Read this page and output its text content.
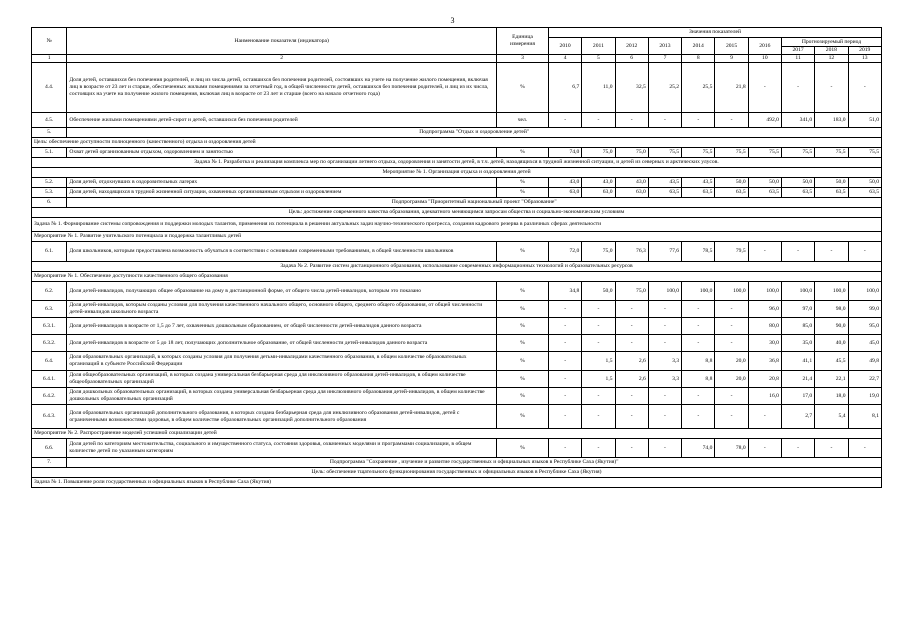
3
№	Наименование показателя (индикатора)	Единица измерения	Значения показателей									
			2010	2011	2012	2013	2014	2015	2016	Прогнозируемый период		
										2017	2018	2019
1	2	3	4	5	6	7	8	9	10	11	12	13
4.4.	Доля детей, оставшихся без попечения родителей, и лиц из числа детей, оставшихся без попечения родителей, состоявших на учете на получение жилого помещения, включая лиц в возрасте от 23 лет и старше, обеспеченных жилыми помещениями за отчетный год, в общей численности детей, оставшихся без попечения родителей, и лиц из их числа, состоящих на учете на получение жилого помещения, включая лиц в возрасте от 23 лет и старше (всего на начало отчетного года)	%	6,7	11,0	32,5	25,2	25,5	21,8	-	-	-	-
4.5.	Обеспечение жилыми помещениями детей-сирот и детей, оставшихся без попечения родителей	чел.	-	-	-	-	-	-	492,0	341,0	183,0	51,0
5.	Подпрограмма "Отдых и оздоровление детей"											
Цель: обеспечение доступности полноценного (качественного) отдыха и оздоровления детей												
5.1.	Охват детей организованным отдыхом, оздоровлением и занятостью	%	74,0	75,0	75,0	75,5	75,5	75,5	75,5	75,5	75,5	75,5
Задача № 1. Разработка и реализация комплекса мер по организации летнего отдыха, оздоровления и занятости детей, в т.ч. детей, находящихся в трудной жизненной ситуации, и детей из северных и арктических улусов.												
Мероприятие № 1. Организация отдыха и оздоровления детей												
5.2.	Доля детей, отдохнувших в оздоровительных лагерях	%	43,0	43,0	43,0	43,5	43,5	50,0	50,0	50,0	50,0	50,0
5.3.	Доля детей, находящихся в трудной жизненной ситуации, охваченных организованным отдыхом и оздоровлением	%	63,0	63,0	63,0	63,5	63,5	63,5	63,5	63,5	63,5	63,5
6.	Подпрограмма "Приоритетный национальный проект "Образование"											
Цель: достижение современного качества образования, адекватного меняющимся запросам общества и социально-экономическим условиям												
Задача № 1. Формирование системы сопровождения и поддержки молодых талантов, применения их потенциала в решении актуальных задач научно-технического прогресса, создания кадрового резерва в различных сферах деятельности												
Мероприятие № 1. Развитие учительского потенциала и поддержка талантливых детей												
6.1.	Доля школьников, которым предоставлена возможность обучаться в соответствии с основными современными требованиями, в общей численности школьников	%	72,0	75,0	76,3	77,6	78,5	79,5	-	-	-	-
Задача № 2. Развитие систем дистанционного образования, использование современных информационных технологий и образовательных ресурсов												
Мероприятие № 1. Обеспечение доступности качественного общего образования												
6.2.	Доля детей-инвалидов, получающих общее образование на дому в дистанционной форме, от общего числа детей-инвалидов, которым это показано	%	34,8	50,0	75,0	100,0	100,0	100,0	100,0	100,0	100,0	100,0
6.3.	Доля детей-инвалидов, которым созданы условия для получения качественного начального общего, основного общего, среднего общего образования, от общей численности детей-инвалидов школьного возраста	%	-	-	-	-	-	-	96,0	97,0	98,0	99,0
6.3.1.	Доля детей-инвалидов в возрасте от 1,5 до 7 лет, охваченных дошкольным образованием, от общей численности детей-инвалидов данного возраста	%	-	-	-	-	-	-	80,0	85,0	90,0	95,0
6.3.2.	Доля детей-инвалидов в возрасте от 5 до 18 лет, получающих дополнительное образование, от общей численности детей-инвалидов данного возраста	%	-	-	-	-	-	-	30,0	35,0	40,0	45,0
6.4.	Доля образовательных организаций, в которых созданы условия для получения детьми-инвалидами качественного образования, в общем количестве образовательных организаций в субъекте Российской Федерации	%	-	1,5	2,6	3,3	8,8	20,0	36,8	41,1	45,5	49,8
6.4.1.	Доля общеобразовательных организаций, в которых создана универсальная безбарьерная среда для инклюзивного образования детей-инвалидов, в общем количестве общеобразовательных организаций	%	-	1,5	2,6	3,3	8,8	20,0	20,8	21,4	22,1	22,7
6.4.2.	Доля дошкольных образовательных организаций, в которых создана универсальная безбарьерная среда для инклюзивного образования детей-инвалидов, в общем количестве дошкольных образовательных организаций	%	-	-	-	-	-	-	16,0	17,0	18,0	19,0
6.4.3.	Доля образовательных организаций дополнительного образования, в которых создана безбарьерная среда для инклюзивного образования детей-инвалидов, детей с ограниченными возможностями здоровья, в общем количестве образовательных организаций дополнительного образования	%	-	-	-	-	-	-	-	2,7	5,4	8,1
Мероприятие № 2. Распространение моделей успешной социализации детей												
6.6.	Доля детей по категориям местожительства, социального и имущественного статуса, состояния здоровья, охваченных моделями и программами социализации, в общем количестве детей по указанным категориям	%	-	-	-	-	74,0	78,0	-	-	-	-
7.	Подпрограмма "Сохранение , изучение и развитие государственных и официальных языков в Республике Саха (Якутия)"											
Цель: обеспечение тщательного функционирования государственных и официальных языков в Республике Саха (Якутия)												
Задача № 1. Повышение роли государственных и официальных языков в Республике Саха (Якутия)												
